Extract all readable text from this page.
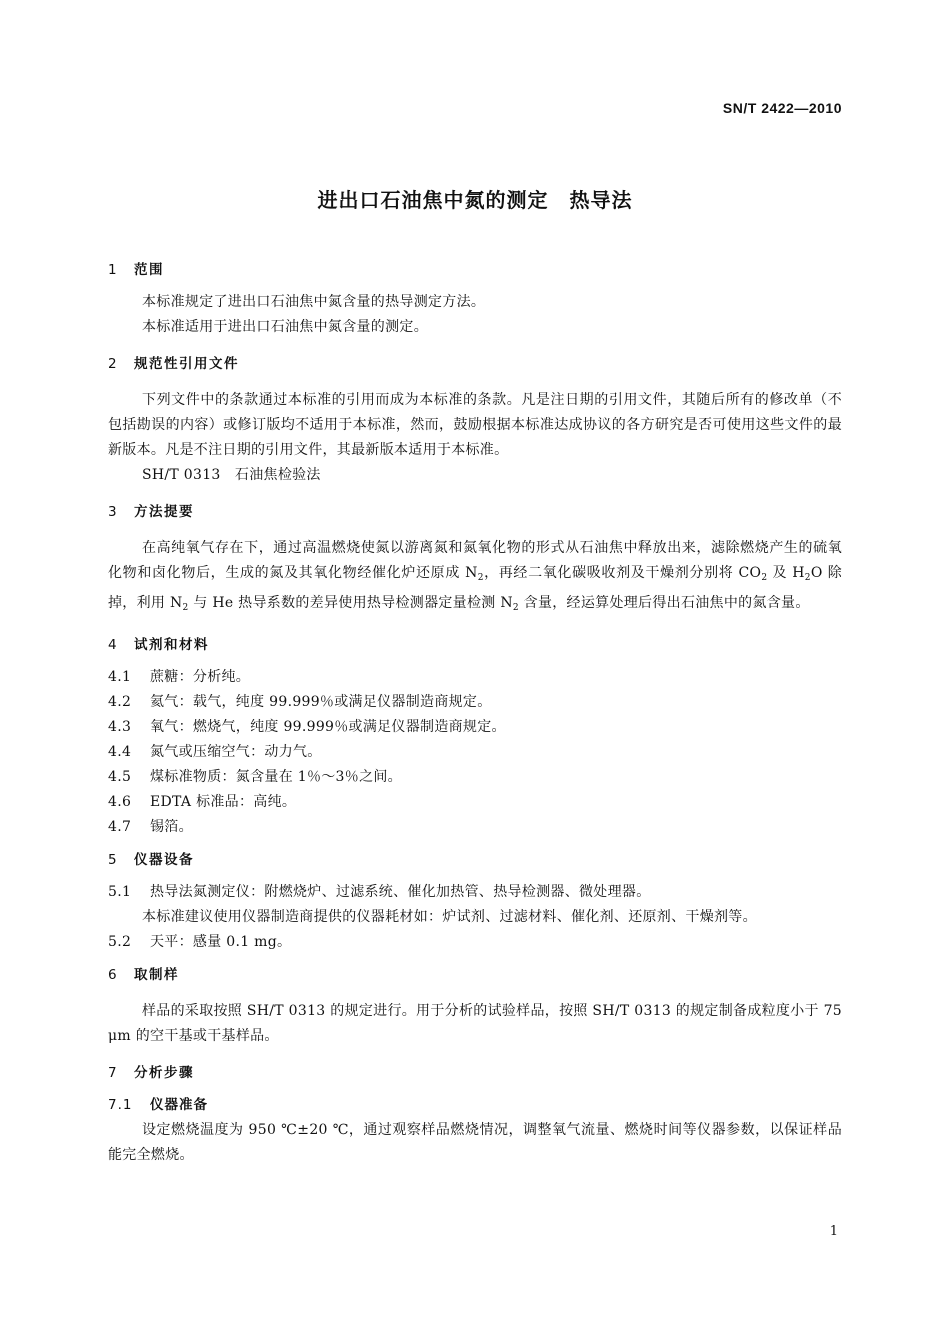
SN/T 2422—2010
进出口石油焦中氮的测定　热导法
1 范围

本标准规定了进出口石油焦中氮含量的热导测定方法。

本标准适用于进出口石油焦中氮含量的测定。

2 规范性引用文件

下列文件中的条款通过本标准的引用而成为本标准的条款。凡是注日期的引用文件，其随后所有的修改单（不包括勘误的内容）或修订版均不适用于本标准，然而，鼓励根据本标准达成协议的各方研究是否可使用这些文件的最新版本。凡是不注日期的引用文件，其最新版本适用于本标准。

SH/T 0313　石油焦检验法

3 方法提要

在高纯氧气存在下，通过高温燃烧使氮以游离氮和氮氧化物的形式从石油焦中释放出来，滤除燃烧产生的硫氧化物和卤化物后，生成的氮及其氧化物经催化炉还原成 $N_2$，再经二氧化碳吸收剂及干燥剂分别将 $CO_2$ 及 $H_2O$ 除掉，利用 $N_2$ 与 He 热导系数的差异使用热导检测器定量检测 $N_2$ 含量，经运算处理后得出石油焦中的氮含量。

4 试剂和材料

4.1 蔗糖：分析纯。

4.2 氦气：载气，纯度 99.999％或满足仪器制造商规定。

4.3 氧气：燃烧气，纯度 99.999％或满足仪器制造商规定。

4.4 氮气或压缩空气：动力气。

4.5 煤标准物质：氮含量在 1％～3％之间。

4.6 EDTA 标准品：高纯。

4.7 锡箔。

5 仪器设备

5.1 热导法氮测定仪：附燃烧炉、过滤系统、催化加热管、热导检测器、微处理器。

本标准建议使用仪器制造商提供的仪器耗材如：炉试剂、过滤材料、催化剂、还原剂、干燥剂等。

5.2 天平：感量 0.1 mg。

6 取制样

样品的采取按照 SH/T 0313 的规定进行。用于分析的试验样品，按照 SH/T 0313 的规定制备成粒度小于 75 μm 的空干基或干基样品。

7 分析步骤
7.1 仪器准备

设定燃烧温度为 950 ℃±20 ℃，通过观察样品燃烧情况，调整氧气流量、燃烧时间等仪器参数，以保证样品能完全燃烧。

1
